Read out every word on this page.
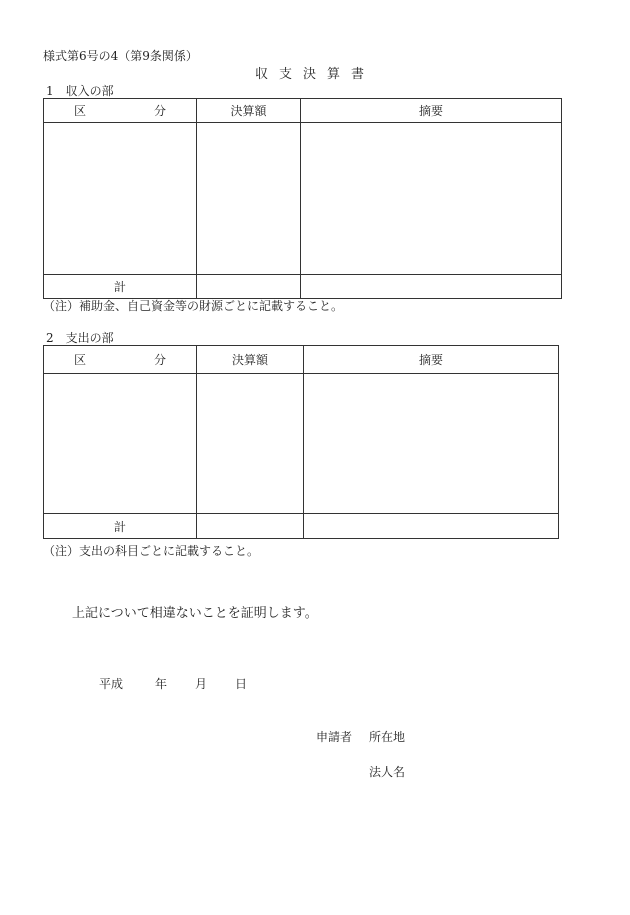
様式第6号の4（第9条関係）
収支決算書
1　収入の部
区 分	決算額	摘要

計		
（注）補助金、自己資金等の財源ごとに記載すること。
2　支出の部
区 分	決算額	摘要

計		
（注）支出の科目ごとに記載すること。
上記について相違ないことを証明します。
平成	年 月 日
申請者 所在地
法人名
